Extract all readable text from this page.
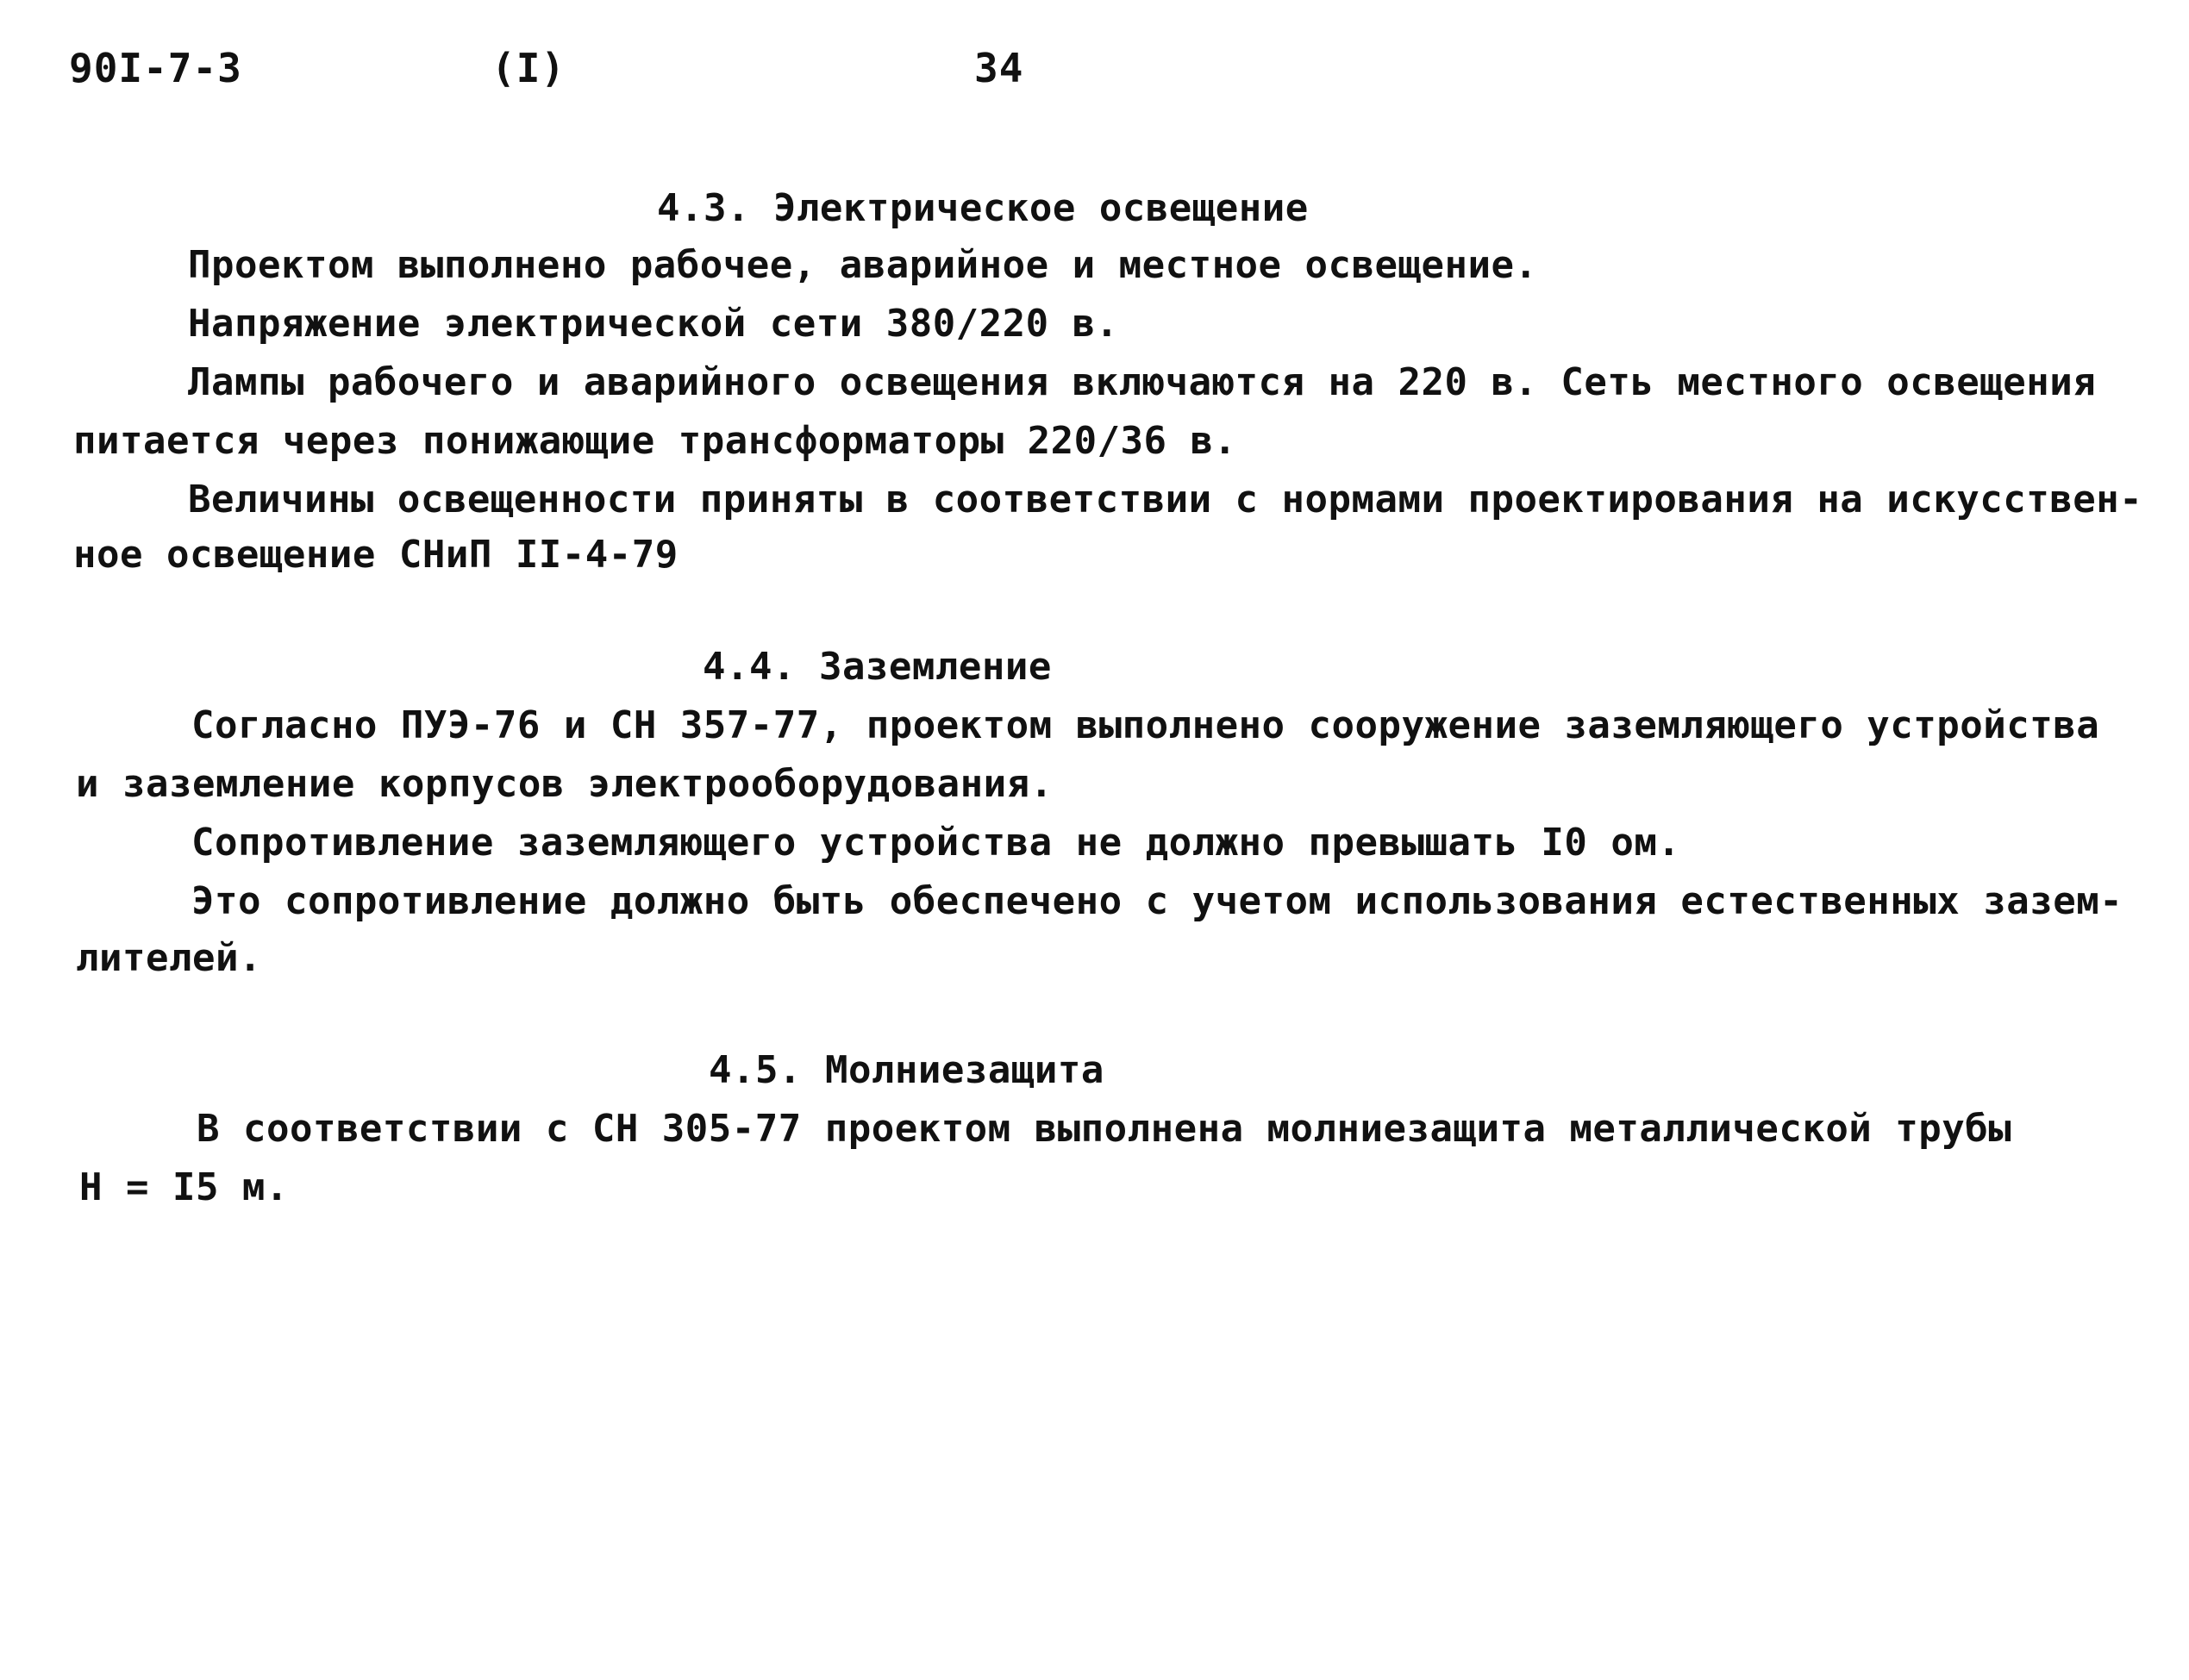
90I-7-3	(I)	34
4.3. Электрическое освещение
Проектом выполнено рабочее, аварийное и местное освещение.
Напряжение электрической сети 380/220 в.
Лампы рабочего и аварийного освещения включаются на 220 в. Сеть местного освещения
питается через понижающие трансформаторы 220/36 в.
Величины освещенности приняты в соответствии с нормами проектирования на искусствен-
ное освещение СНиП II-4-79
4.4. Заземление
Согласно ПУЭ-76 и СН 357-77, проектом выполнено сооружение заземляющего устройства
и заземление корпусов электрооборудования.
Сопротивление заземляющего устройства не должно превышать I0 ом.
Это сопротивление должно быть обеспечено с учетом использования естественных зазем-
лителей.
4.5. Молниезащита
В соответствии с СН 305-77 проектом выполнена молниезащита металлической трубы
Н = I5 м.
